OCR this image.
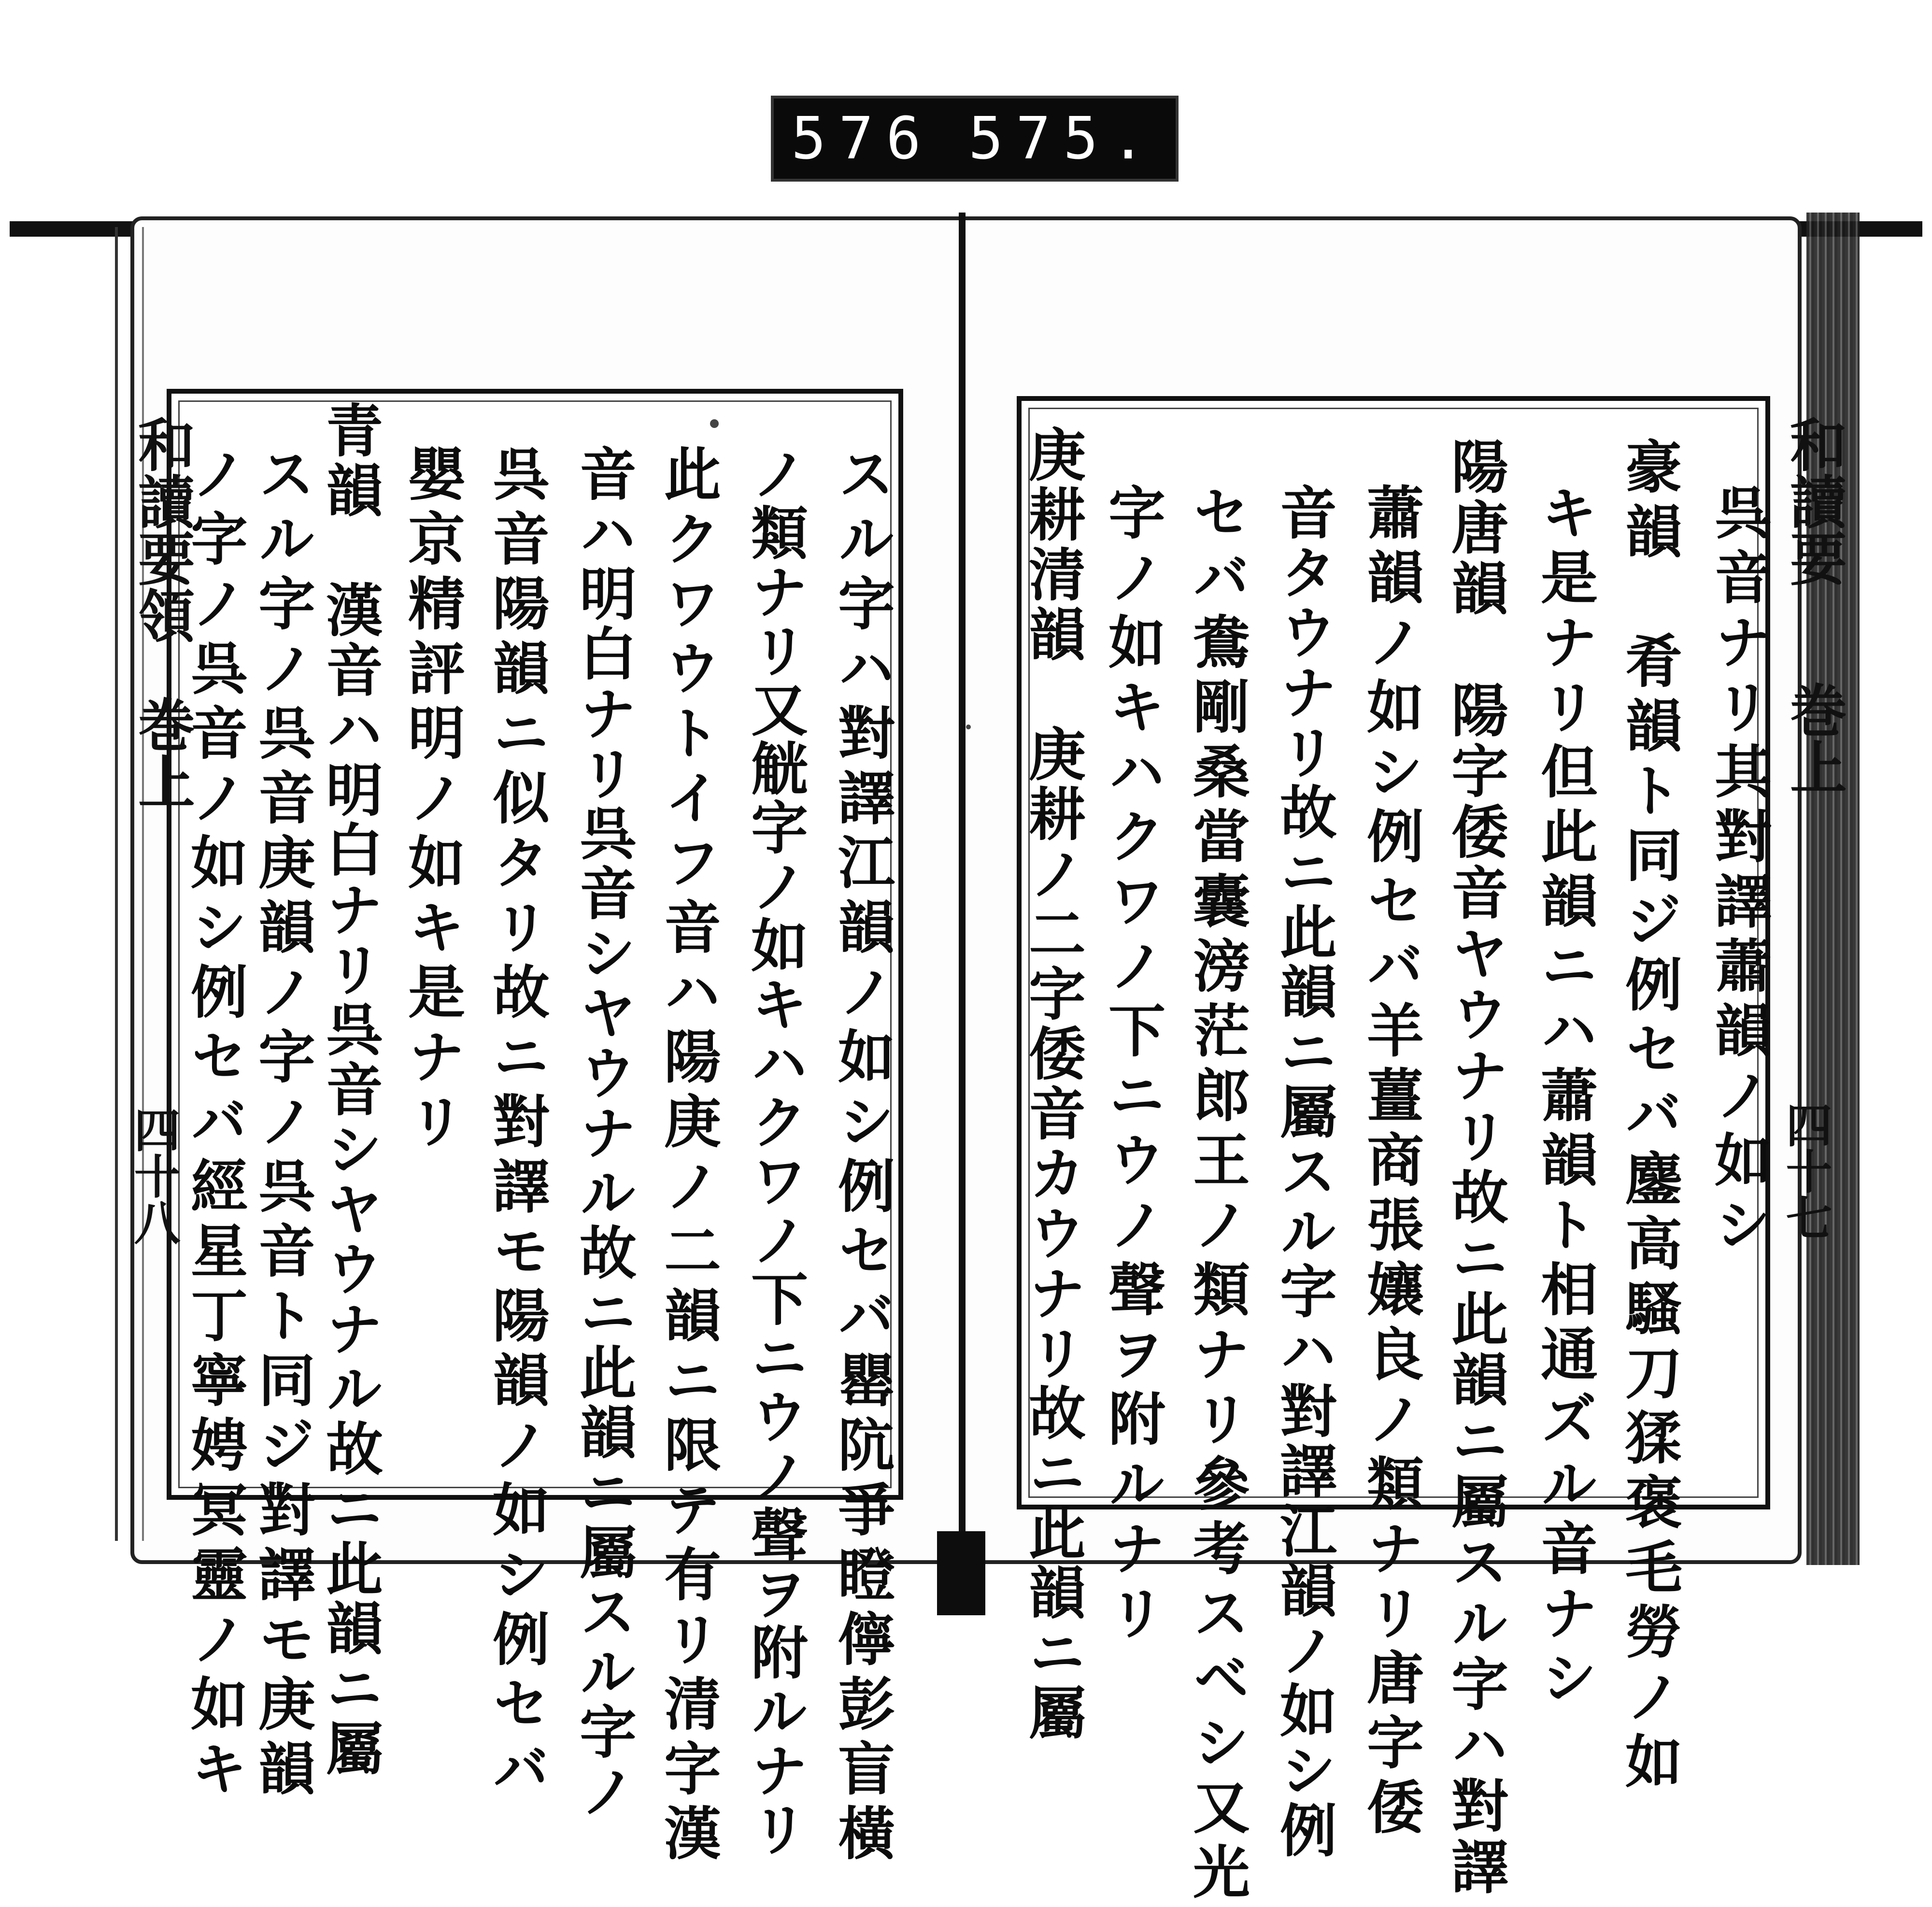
576 575.
呉音ナリ其對譯蕭韻ノ如シ
豪韻　肴韻ト同ジ例セバ鏖高騷刀猱褒毛勞ノ如
キ是ナリ但此韻ニハ蕭韻ト相通ズル音ナシ
陽唐韻　陽字倭音ヤウナリ故ニ此韻ニ屬スル字ハ對譯
蕭韻ノ如シ例セバ羊薑商張孃良ノ類ナリ唐字倭
音タウナリ故ニ此韻ニ屬スル字ハ對譯江韻ノ如シ例
セバ鴦剛桑當囊滂茫郎王ノ類ナリ參考スベシ又光
字ノ如キハクワノ下ニウノ聲ヲ附ルナリ
庚耕清韻　庚耕ノ二字倭音カウナリ故ニ此韻ニ屬
スル字ハ對譯江韻ノ如シ例セバ罌阬爭瞪儜彭盲橫
ノ類ナリ又觥字ノ如キハクワノ下ニウノ聲ヲ附ルナリ
此クワウトイフ音ハ陽庚ノ二韻ニ限テ有リ清字漢
音ハ明白ナリ呉音シヤウナル故ニ此韻ニ屬スル字ノ
呉音陽韻ニ似タリ故ニ對譯モ陽韻ノ如シ例セバ
嬰京精評明ノ如キ是ナリ
青韻　漢音ハ明白ナリ呉音シヤウナル故ニ此韻ニ屬
スル字ノ呉音庚韻ノ字ノ呉音ト同ジ對譯モ庚韻
ノ字ノ呉音ノ如シ例セバ經星丁寧娉冥靈ノ如キ	和讀要
巻上
四十七
和讀要領
巻上
四十八
